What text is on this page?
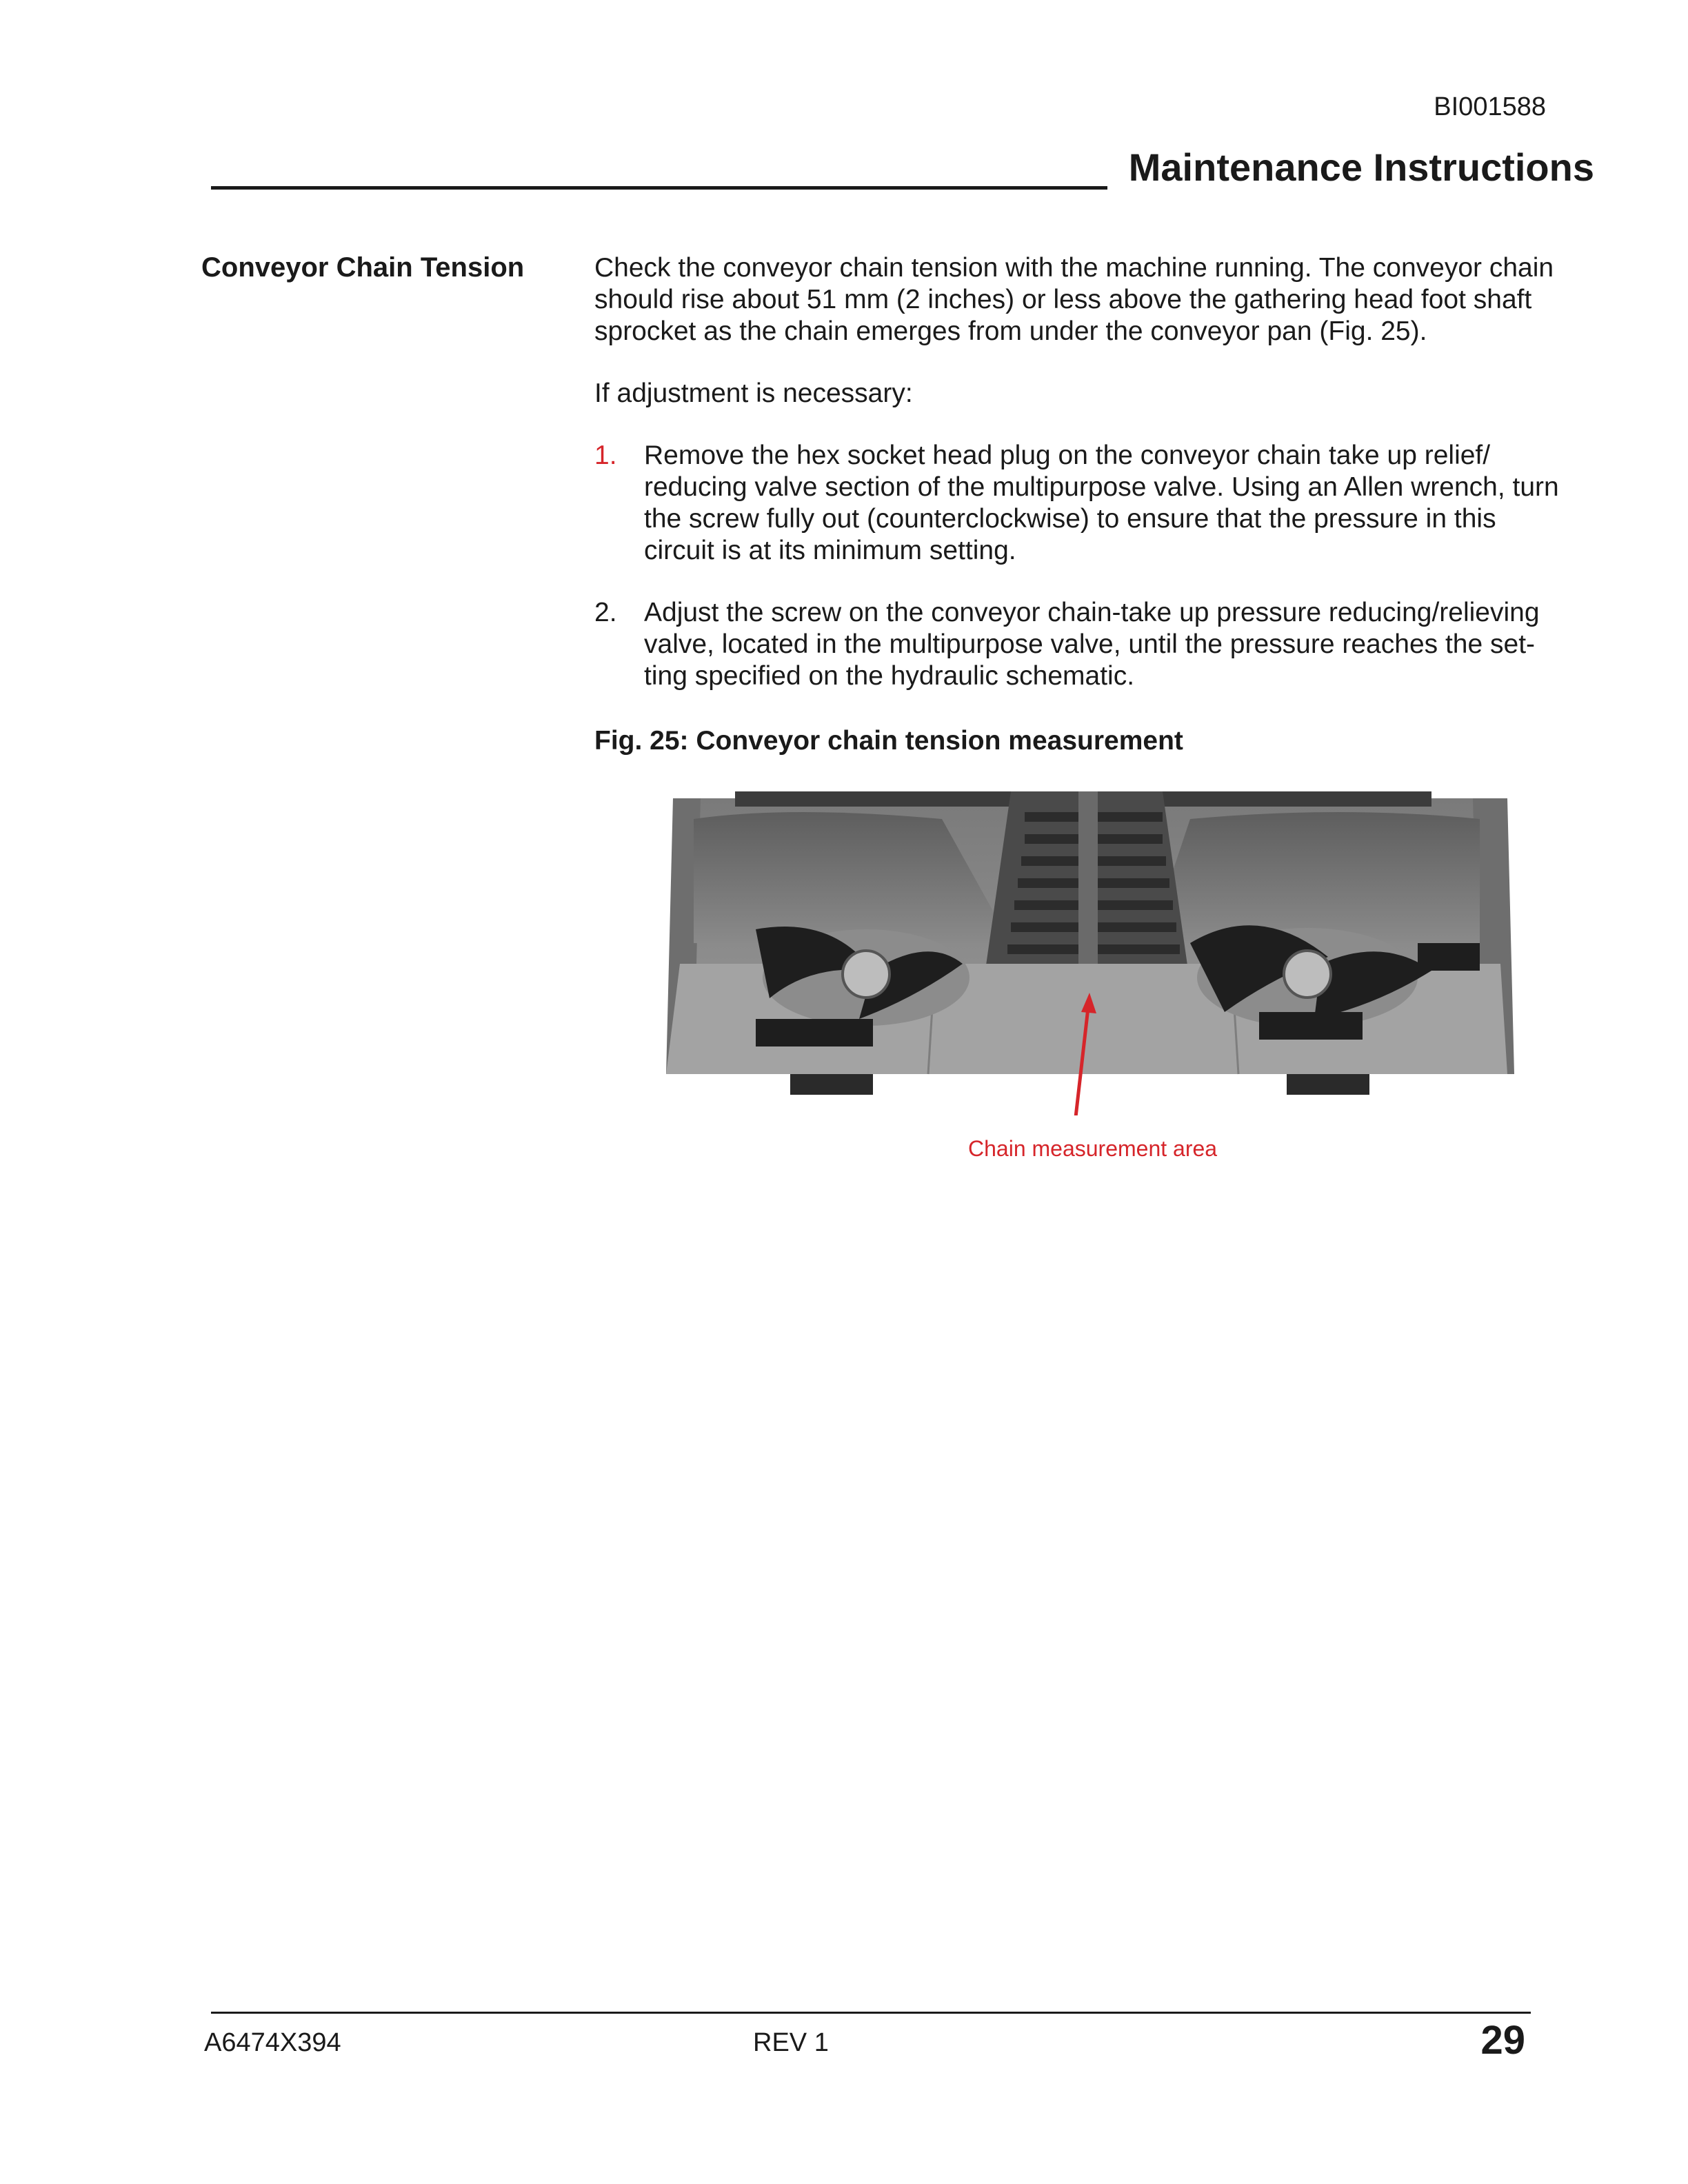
BI001588
Maintenance Instructions
Conveyor Chain Tension	Check the conveyor chain tension with the machine running. The conveyor chain should rise about 51 mm (2 inches) or less above the gathering head foot shaft sprocket as the chain emerges from under the conveyor pan (Fig. 25).

If adjustment is necessary:

1. Remove the hex socket head plug on the conveyor chain take up relief/ reducing valve section of the multipurpose valve. Using an Allen wrench, turn the screw fully out (counterclockwise) to ensure that the pressure in this circuit is at its minimum setting.
2. Adjust the screw on the conveyor chain-take up pressure reducing/relieving valve, located in the multipurpose valve, until the pressure reaches the set-ting specified on the hydraulic schematic.
Fig. 25: Conveyor chain tension measurement
Chain measurement area
A6474X394	REV 1	29
